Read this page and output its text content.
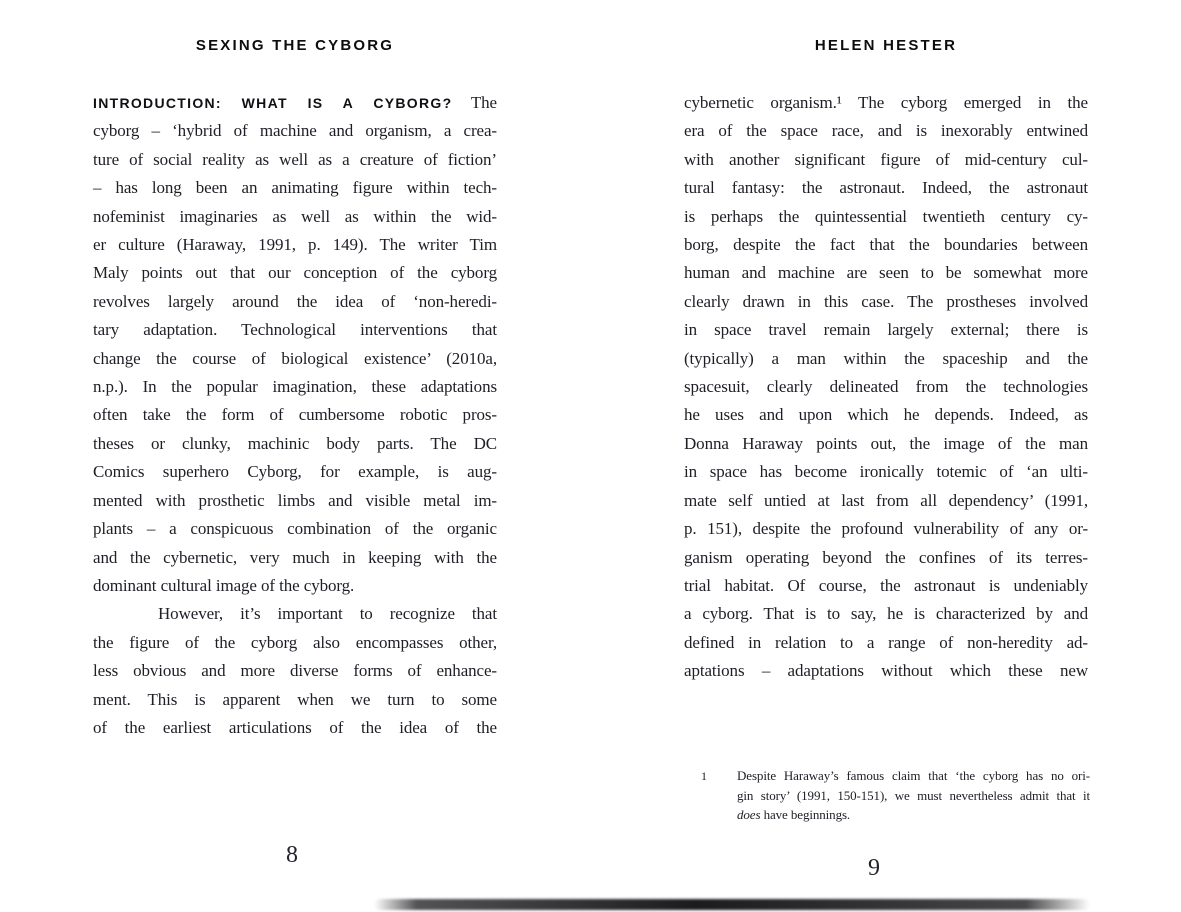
SEXING THE CYBORG	HELEN HESTER
INTRODUCTION: WHAT IS A CYBORG? The
cyborg – ‘hybrid of machine and organism, a crea-
ture of social reality as well as a creature of fiction’
– has long been an animating figure within tech-
nofeminist imaginaries as well as within the wid-
er culture (Haraway, 1991, p. 149). The writer Tim
Maly points out that our conception of the cyborg
revolves largely around the idea of ‘non-heredi-
tary adaptation. Technological interventions that
change the course of biological existence’ (2010a,
n.p.). In the popular imagination, these adaptations
often take the form of cumbersome robotic pros-
theses or clunky, machinic body parts. The DC
Comics superhero Cyborg, for example, is aug-
mented with prosthetic limbs and visible metal im-
plants – a conspicuous combination of the organic
and the cybernetic, very much in keeping with the
dominant cultural image of the cyborg.
However, it’s important to recognize that
the figure of the cyborg also encompasses other,
less obvious and more diverse forms of enhance-
ment. This is apparent when we turn to some
of the earliest articulations of the idea of the
cybernetic organism.¹ The cyborg emerged in the
era of the space race, and is inexorably entwined
with another significant figure of mid-century cul-
tural fantasy: the astronaut. Indeed, the astronaut
is perhaps the quintessential twentieth century cy-
borg, despite the fact that the boundaries between
human and machine are seen to be somewhat more
clearly drawn in this case. The prostheses involved
in space travel remain largely external; there is
(typically) a man within the spaceship and the
spacesuit, clearly delineated from the technologies
he uses and upon which he depends. Indeed, as
Donna Haraway points out, the image of the man
in space has become ironically totemic of ‘an ulti-
mate self untied at last from all dependency’ (1991,
p. 151), despite the profound vulnerability of any or-
ganism operating beyond the confines of its terres-
trial habitat. Of course, the astronaut is undeniably
a cyborg. That is to say, he is characterized by and
defined in relation to a range of non-heredity ad-
aptations – adaptations without which these new
1 Despite Haraway’s famous claim that ‘the cyborg has no ori-
gin story’ (1991, 150-151), we must nevertheless admit that it
does have beginnings.
8	9
